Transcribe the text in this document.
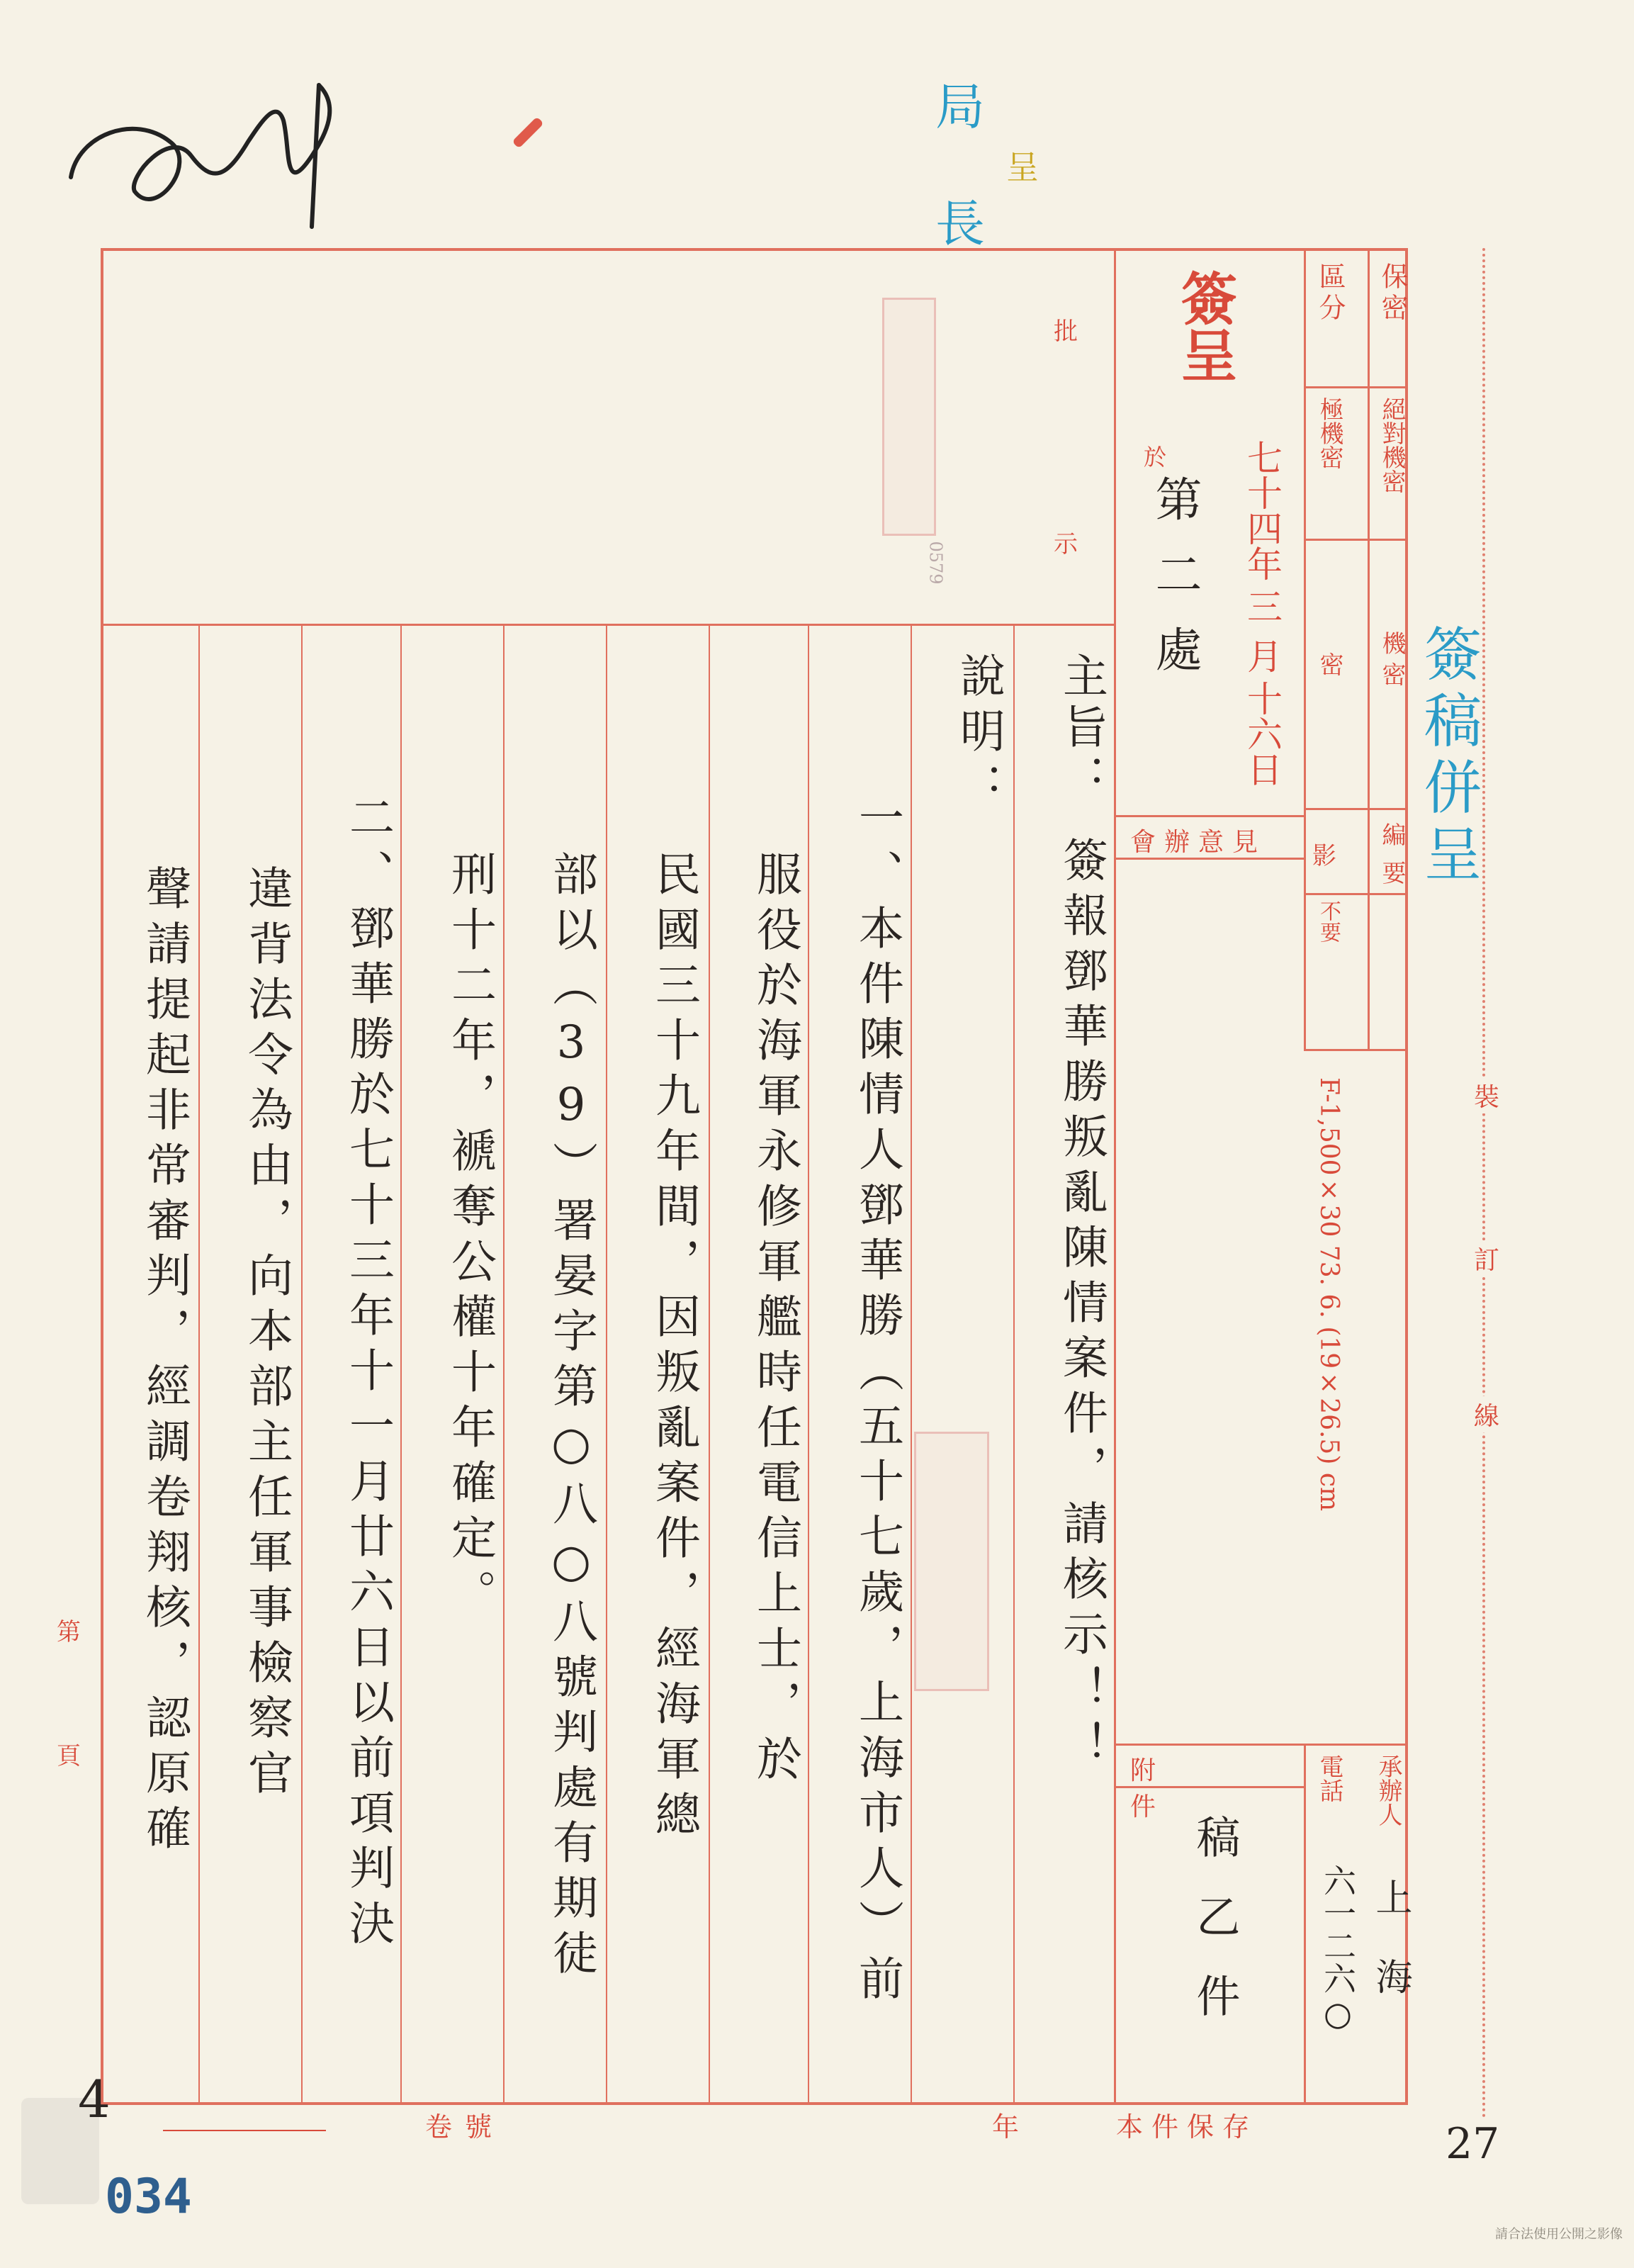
局
長
呈
0579
批
示
簽呈
於
第二處 七十四年
三月
十六日
會辦意見
保密
區分
絕對機密
極機密
機密
密
編要
影
不要
主旨：
簽報鄧華勝叛亂陳情案件，請核示！！
說明：
一、本件陳情人鄧華勝（五十七歲，上海市人）前
服役於海軍永修軍艦時任電信上士，於
民國三十九年間，因叛亂案件，經海軍總
部以（39）署晏字第○八○八號判處有期徒
刑十二年，褫奪公權十年確定。
二、鄧華勝於七十三年十一月廿六日以前項判決
違背法令為由，向本部主任軍事檢察官
聲請提起非常審判，經調卷翔核，認原確	附件
稿乙件
承辦人
電話
上海
六一二六○
F-1,500×30 73. 6. (19×26.5) cm
簽稿併呈
裝
訂
線
第
頁
卷號	年	本件保存
4
034
27
請合法使用公開之影像
